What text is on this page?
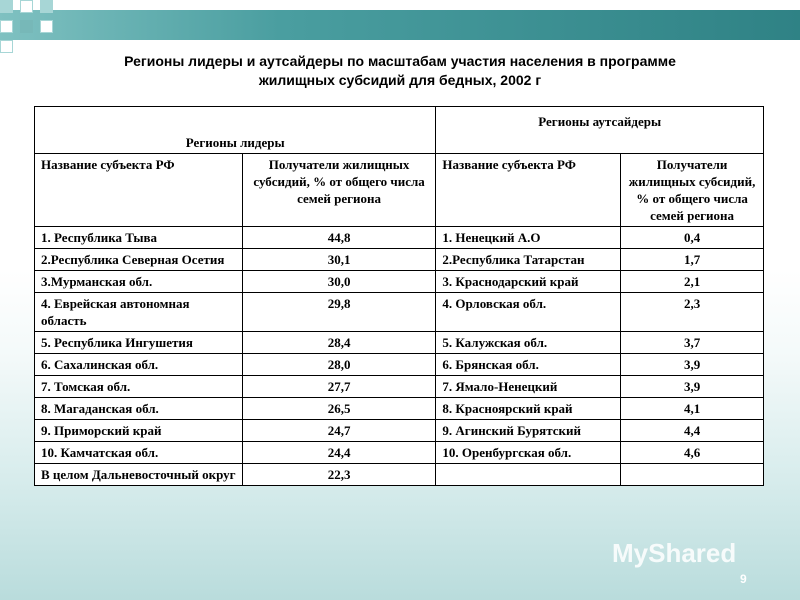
Регионы лидеры и аутсайдеры по масштабам участия населения в программе
жилищных субсидий для бедных, 2002 г
Регионы лидеры		Регионы аутсайдеры	
Название субъекта РФ	Получатели жилищных субсидий, % от общего числа семей региона	Название субъекта РФ	Получатели жилищных субсидий, % от общего числа семей региона
1. Республика Тыва	44,8	1. Ненецкий А.О	0,4
2.Республика Северная Осетия	30,1	2.Республика Татарстан	1,7
3.Мурманская обл.	30,0	3. Краснодарский край	2,1
4. Еврейская автономная область	29,8	4. Орловская обл.	2,3
5. Республика Ингушетия	28,4	5. Калужская обл.	3,7
6. Сахалинская обл.	28,0	6. Брянская обл.	3,9
7. Томская обл.	27,7	7. Ямало-Ненецкий	3,9
8. Магаданская обл.	26,5	8. Красноярский край	4,1
9. Приморский край	24,7	9. Агинский Бурятский	4,4
10. Камчатская обл.	24,4	10. Оренбургская обл.	4,6
В целом Дальневосточный округ	22,3		
MyShared
9
